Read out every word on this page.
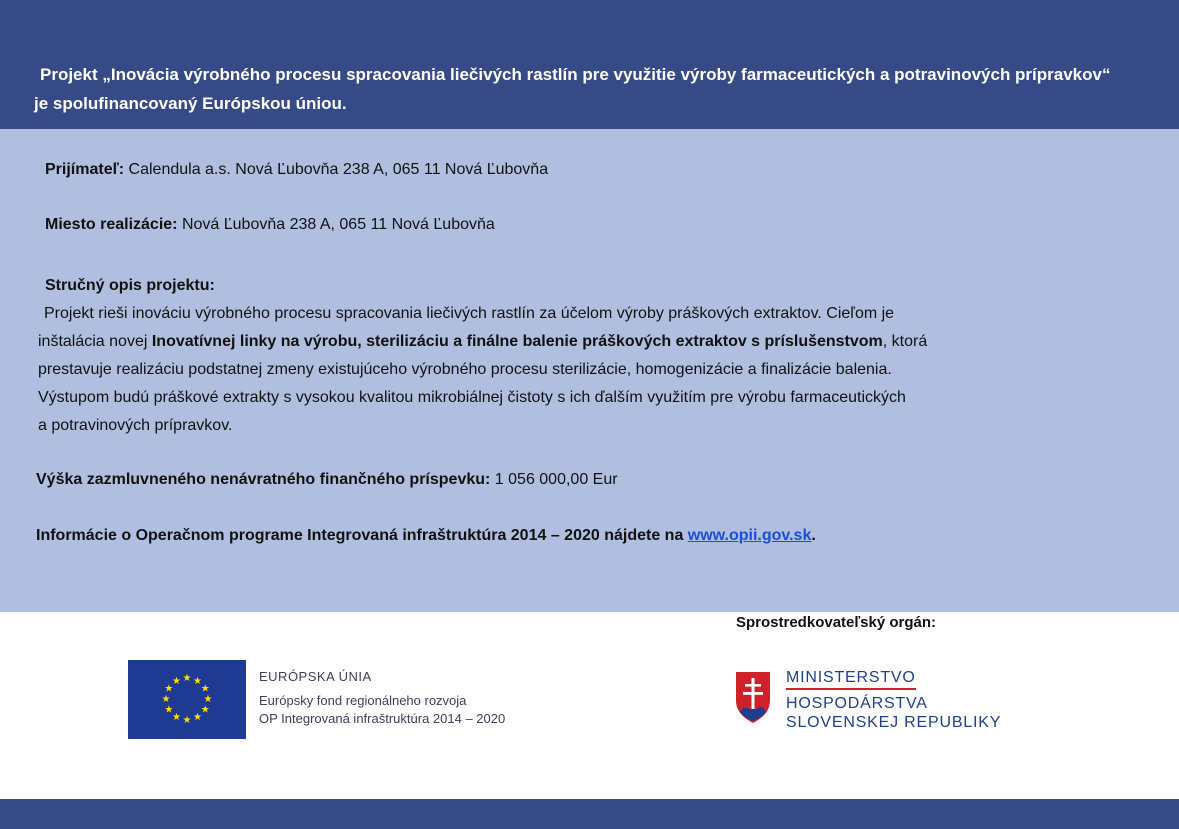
Projekt „Inovácia výrobného procesu spracovania liečivých rastlín pre využitie výroby farmaceutických a potravinových prípravkov“
je spolufinancovaný Európskou úniou.
Prijímateľ: Calendula a.s. Nová Ľubovňa 238 A, 065 11 Nová Ľubovňa
Miesto realizácie: Nová Ľubovňa 238 A, 065 11 Nová Ľubovňa
Stručný opis projektu:
Projekt rieši inováciu výrobného procesu spracovania liečivých rastlín za účelom výroby práškových extraktov. Cieľom je
inštalácia novej Inovatívnej linky na výrobu, sterilizáciu a finálne balenie práškových extraktov s príslušenstvom, ktorá
prestavuje realizáciu podstatnej zmeny existujúceho výrobného procesu sterilizácie, homogenizácie a finalizácie balenia.
Výstupom budú práškové extrakty s vysokou kvalitou mikrobiálnej čistoty s ich ďalším využitím pre výrobu farmaceutických
a potravinových prípravkov.
Výška zazmluvneného nenávratného finančného príspevku: 1 056 000,00 Eur
Informácie o Operačnom programe Integrovaná infraštruktúra 2014 – 2020 nájdete na www.opii.gov.sk.
Sprostredkovateľský orgán:
★ ★
★
★
★
★
★
★
★
★
★
★	EURÓPSKA ÚNIA
Európsky fond regionálneho rozvoja
OP Integrovaná infraštruktúra 2014 – 2020
MINISTERSTVO
HOSPODÁRSTVA
SLOVENSKEJ REPUBLIKY
